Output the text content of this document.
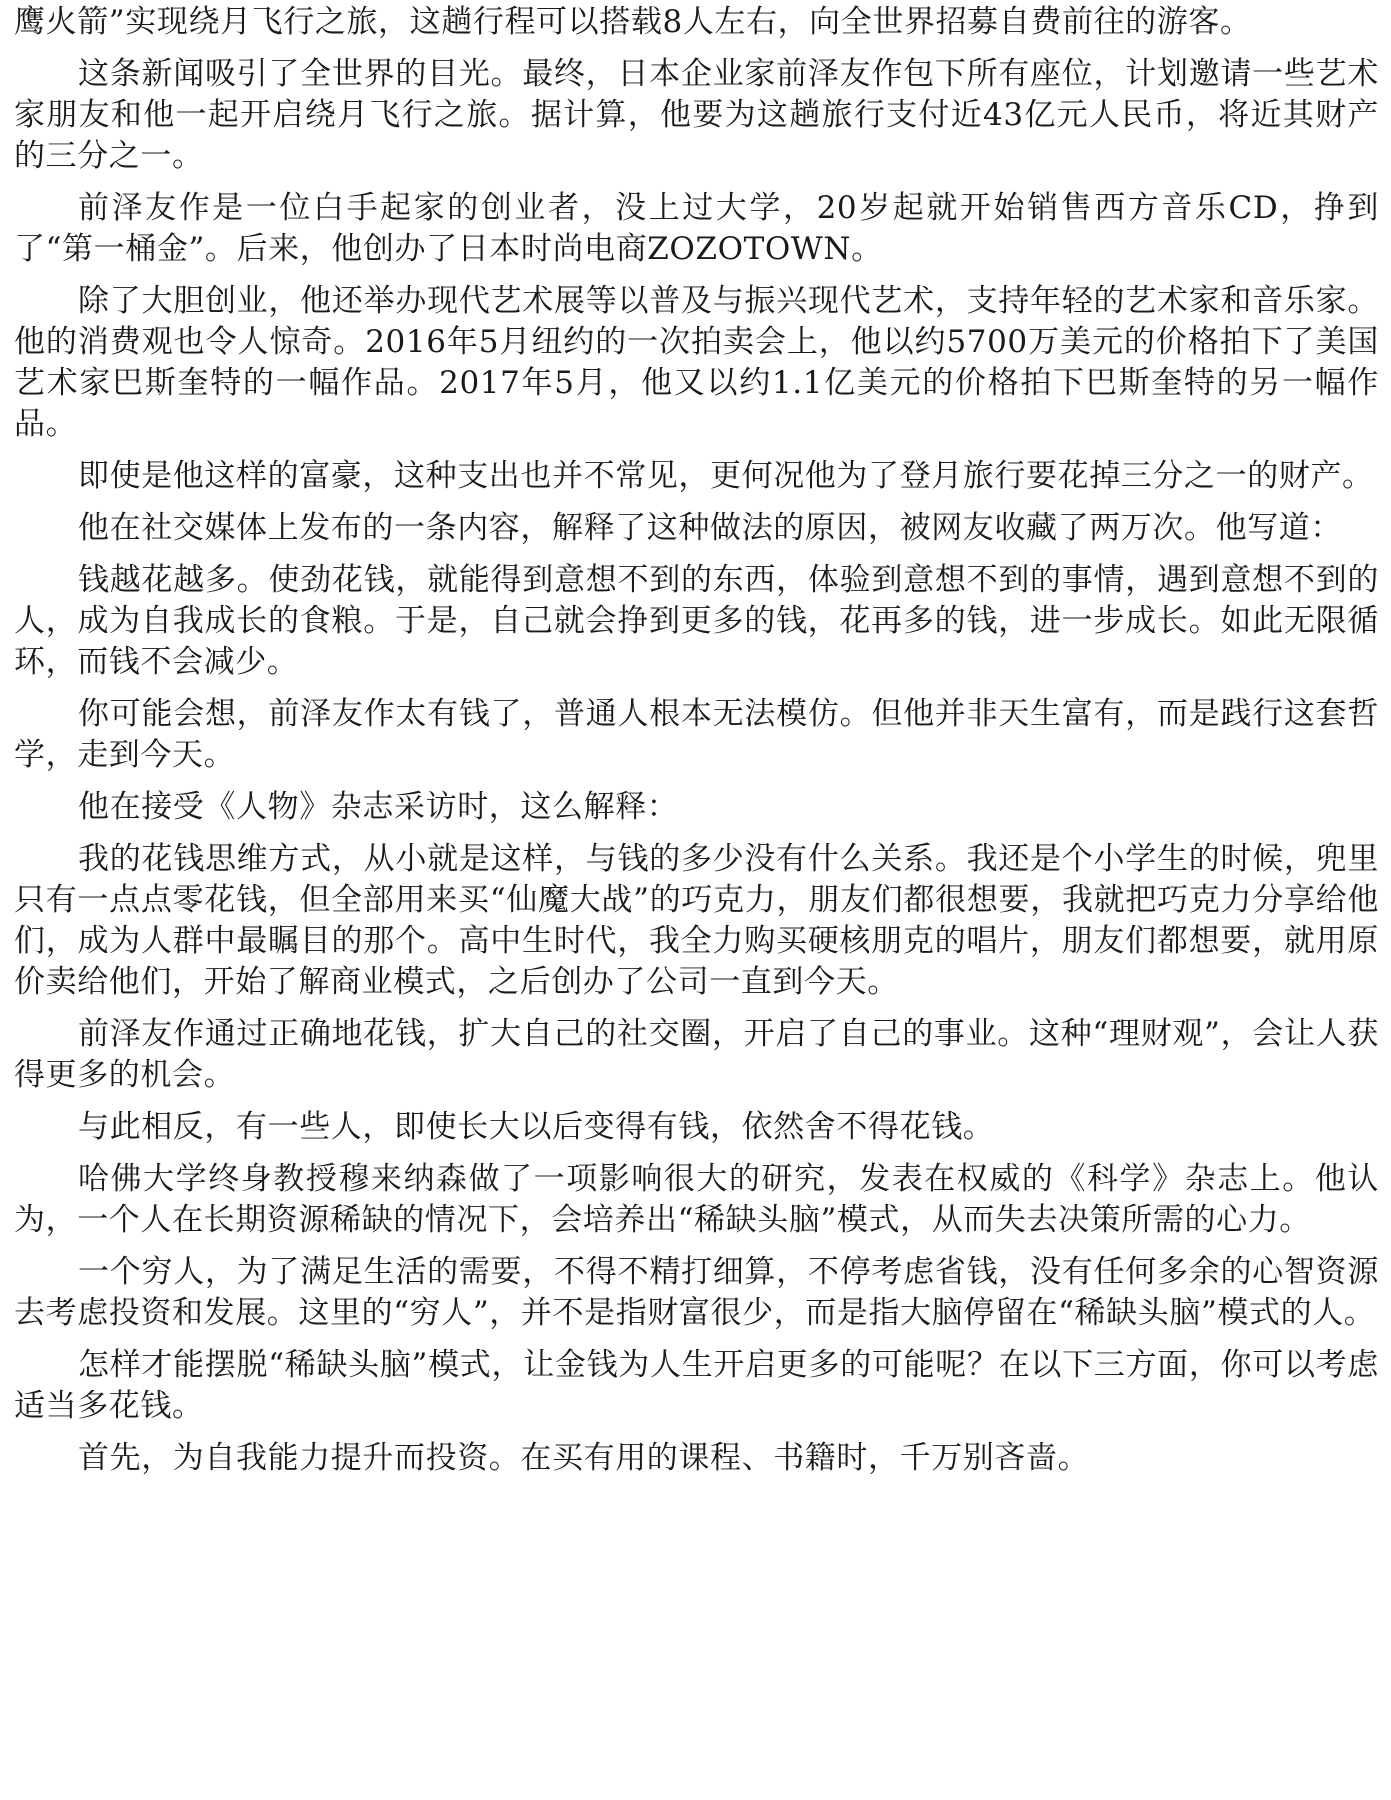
鹰火箭”实现绕月飞行之旅，这趟行程可以搭载8人左右，向全世界招募自费前往的游客。

这条新闻吸引了全世界的目光。最终，日本企业家前泽友作包下所有座位，计划邀请一些艺术家朋友和他一起开启绕月飞行之旅。据计算，他要为这趟旅行支付近43亿元人民币，将近其财产的三分之一。

前泽友作是一位白手起家的创业者，没上过大学，20岁起就开始销售西方音乐CD，挣到了“第一桶金”。后来，他创办了日本时尚电商ZOZOTOWN。

除了大胆创业，他还举办现代艺术展等以普及与振兴现代艺术，支持年轻的艺术家和音乐家。他的消费观也令人惊奇。2016年5月纽约的一次拍卖会上，他以约5700万美元的价格拍下了美国艺术家巴斯奎特的一幅作品。2017年5月，他又以约1.1亿美元的价格拍下巴斯奎特的另一幅作品。

即使是他这样的富豪，这种支出也并不常见，更何况他为了登月旅行要花掉三分之一的财产。

他在社交媒体上发布的一条内容，解释了这种做法的原因，被网友收藏了两万次。他写道：

钱越花越多。使劲花钱，就能得到意想不到的东西，体验到意想不到的事情，遇到意想不到的人，成为自我成长的食粮。于是，自己就会挣到更多的钱，花再多的钱，进一步成长。如此无限循环，而钱不会减少。

你可能会想，前泽友作太有钱了，普通人根本无法模仿。但他并非天生富有，而是践行这套哲学，走到今天。

他在接受《人物》杂志采访时，这么解释：

我的花钱思维方式，从小就是这样，与钱的多少没有什么关系。我还是个小学生的时候，兜里只有一点点零花钱，但全部用来买“仙魔大战”的巧克力，朋友们都很想要，我就把巧克力分享给他们，成为人群中最瞩目的那个。高中生时代，我全力购买硬核朋克的唱片，朋友们都想要，就用原价卖给他们，开始了解商业模式，之后创办了公司一直到今天。

前泽友作通过正确地花钱，扩大自己的社交圈，开启了自己的事业。这种“理财观”，会让人获得更多的机会。

与此相反，有一些人，即使长大以后变得有钱，依然舍不得花钱。

哈佛大学终身教授穆来纳森做了一项影响很大的研究，发表在权威的《科学》杂志上。他认为，一个人在长期资源稀缺的情况下，会培养出“稀缺头脑”模式，从而失去决策所需的心力。

一个穷人，为了满足生活的需要，不得不精打细算，不停考虑省钱，没有任何多余的心智资源去考虑投资和发展。这里的“穷人”，并不是指财富很少，而是指大脑停留在“稀缺头脑”模式的人。

怎样才能摆脱“稀缺头脑”模式，让金钱为人生开启更多的可能呢？在以下三方面，你可以考虑适当多花钱。

首先，为自我能力提升而投资。在买有用的课程、书籍时，千万别吝啬。
